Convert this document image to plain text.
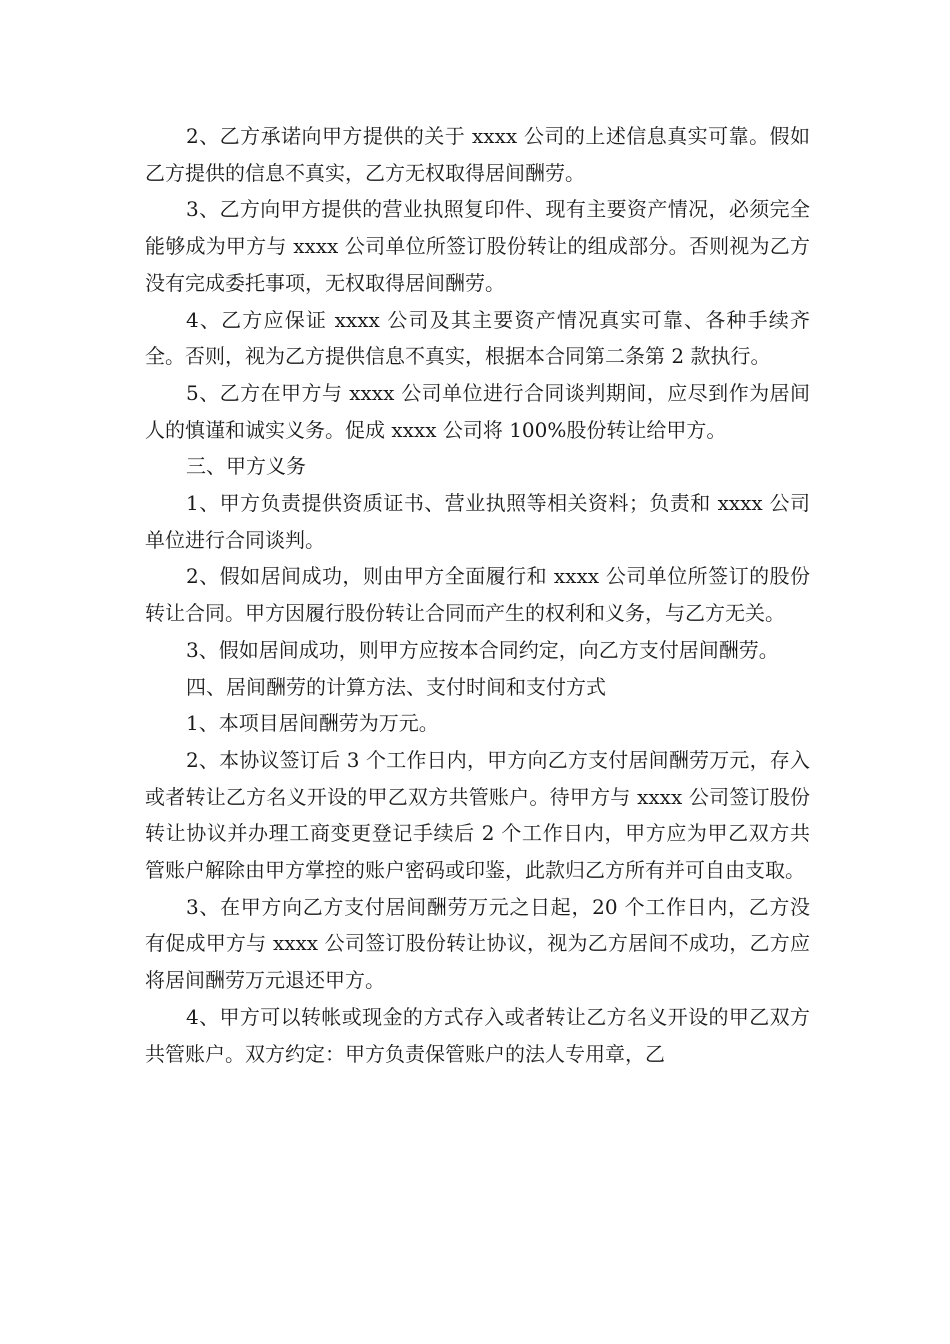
2、乙方承诺向甲方提供的关于 xxxx 公司的上述信息真实可靠。假如乙方提供的信息不真实，乙方无权取得居间酬劳。

3、乙方向甲方提供的营业执照复印件、现有主要资产情况，必须完全能够成为甲方与 xxxx 公司单位所签订股份转让的组成部分。否则视为乙方没有完成委托事项，无权取得居间酬劳。

4、乙方应保证 xxxx 公司及其主要资产情况真实可靠、各种手续齐全。否则，视为乙方提供信息不真实，根据本合同第二条第 2 款执行。

5、乙方在甲方与 xxxx 公司单位进行合同谈判期间，应尽到作为居间人的慎谨和诚实义务。促成 xxxx 公司将 100%股份转让给甲方。

三、甲方义务

1、甲方负责提供资质证书、营业执照等相关资料；负责和 xxxx 公司单位进行合同谈判。

2、假如居间成功，则由甲方全面履行和 xxxx 公司单位所签订的股份转让合同。甲方因履行股份转让合同而产生的权利和义务，与乙方无关。

3、假如居间成功，则甲方应按本合同约定，向乙方支付居间酬劳。

四、居间酬劳的计算方法、支付时间和支付方式

1、本项目居间酬劳为万元。

2、本协议签订后 3 个工作日内，甲方向乙方支付居间酬劳万元，存入或者转让乙方名义开设的甲乙双方共管账户。待甲方与 xxxx 公司签订股份转让协议并办理工商变更登记手续后 2 个工作日内，甲方应为甲乙双方共管账户解除由甲方掌控的账户密码或印鉴，此款归乙方所有并可自由支取。

3、在甲方向乙方支付居间酬劳万元之日起，20 个工作日内，乙方没有促成甲方与 xxxx 公司签订股份转让协议，视为乙方居间不成功，乙方应将居间酬劳万元退还甲方。

4、甲方可以转帐或现金的方式存入或者转让乙方名义开设的甲乙双方共管账户。双方约定：甲方负责保管账户的法人专用章，乙
